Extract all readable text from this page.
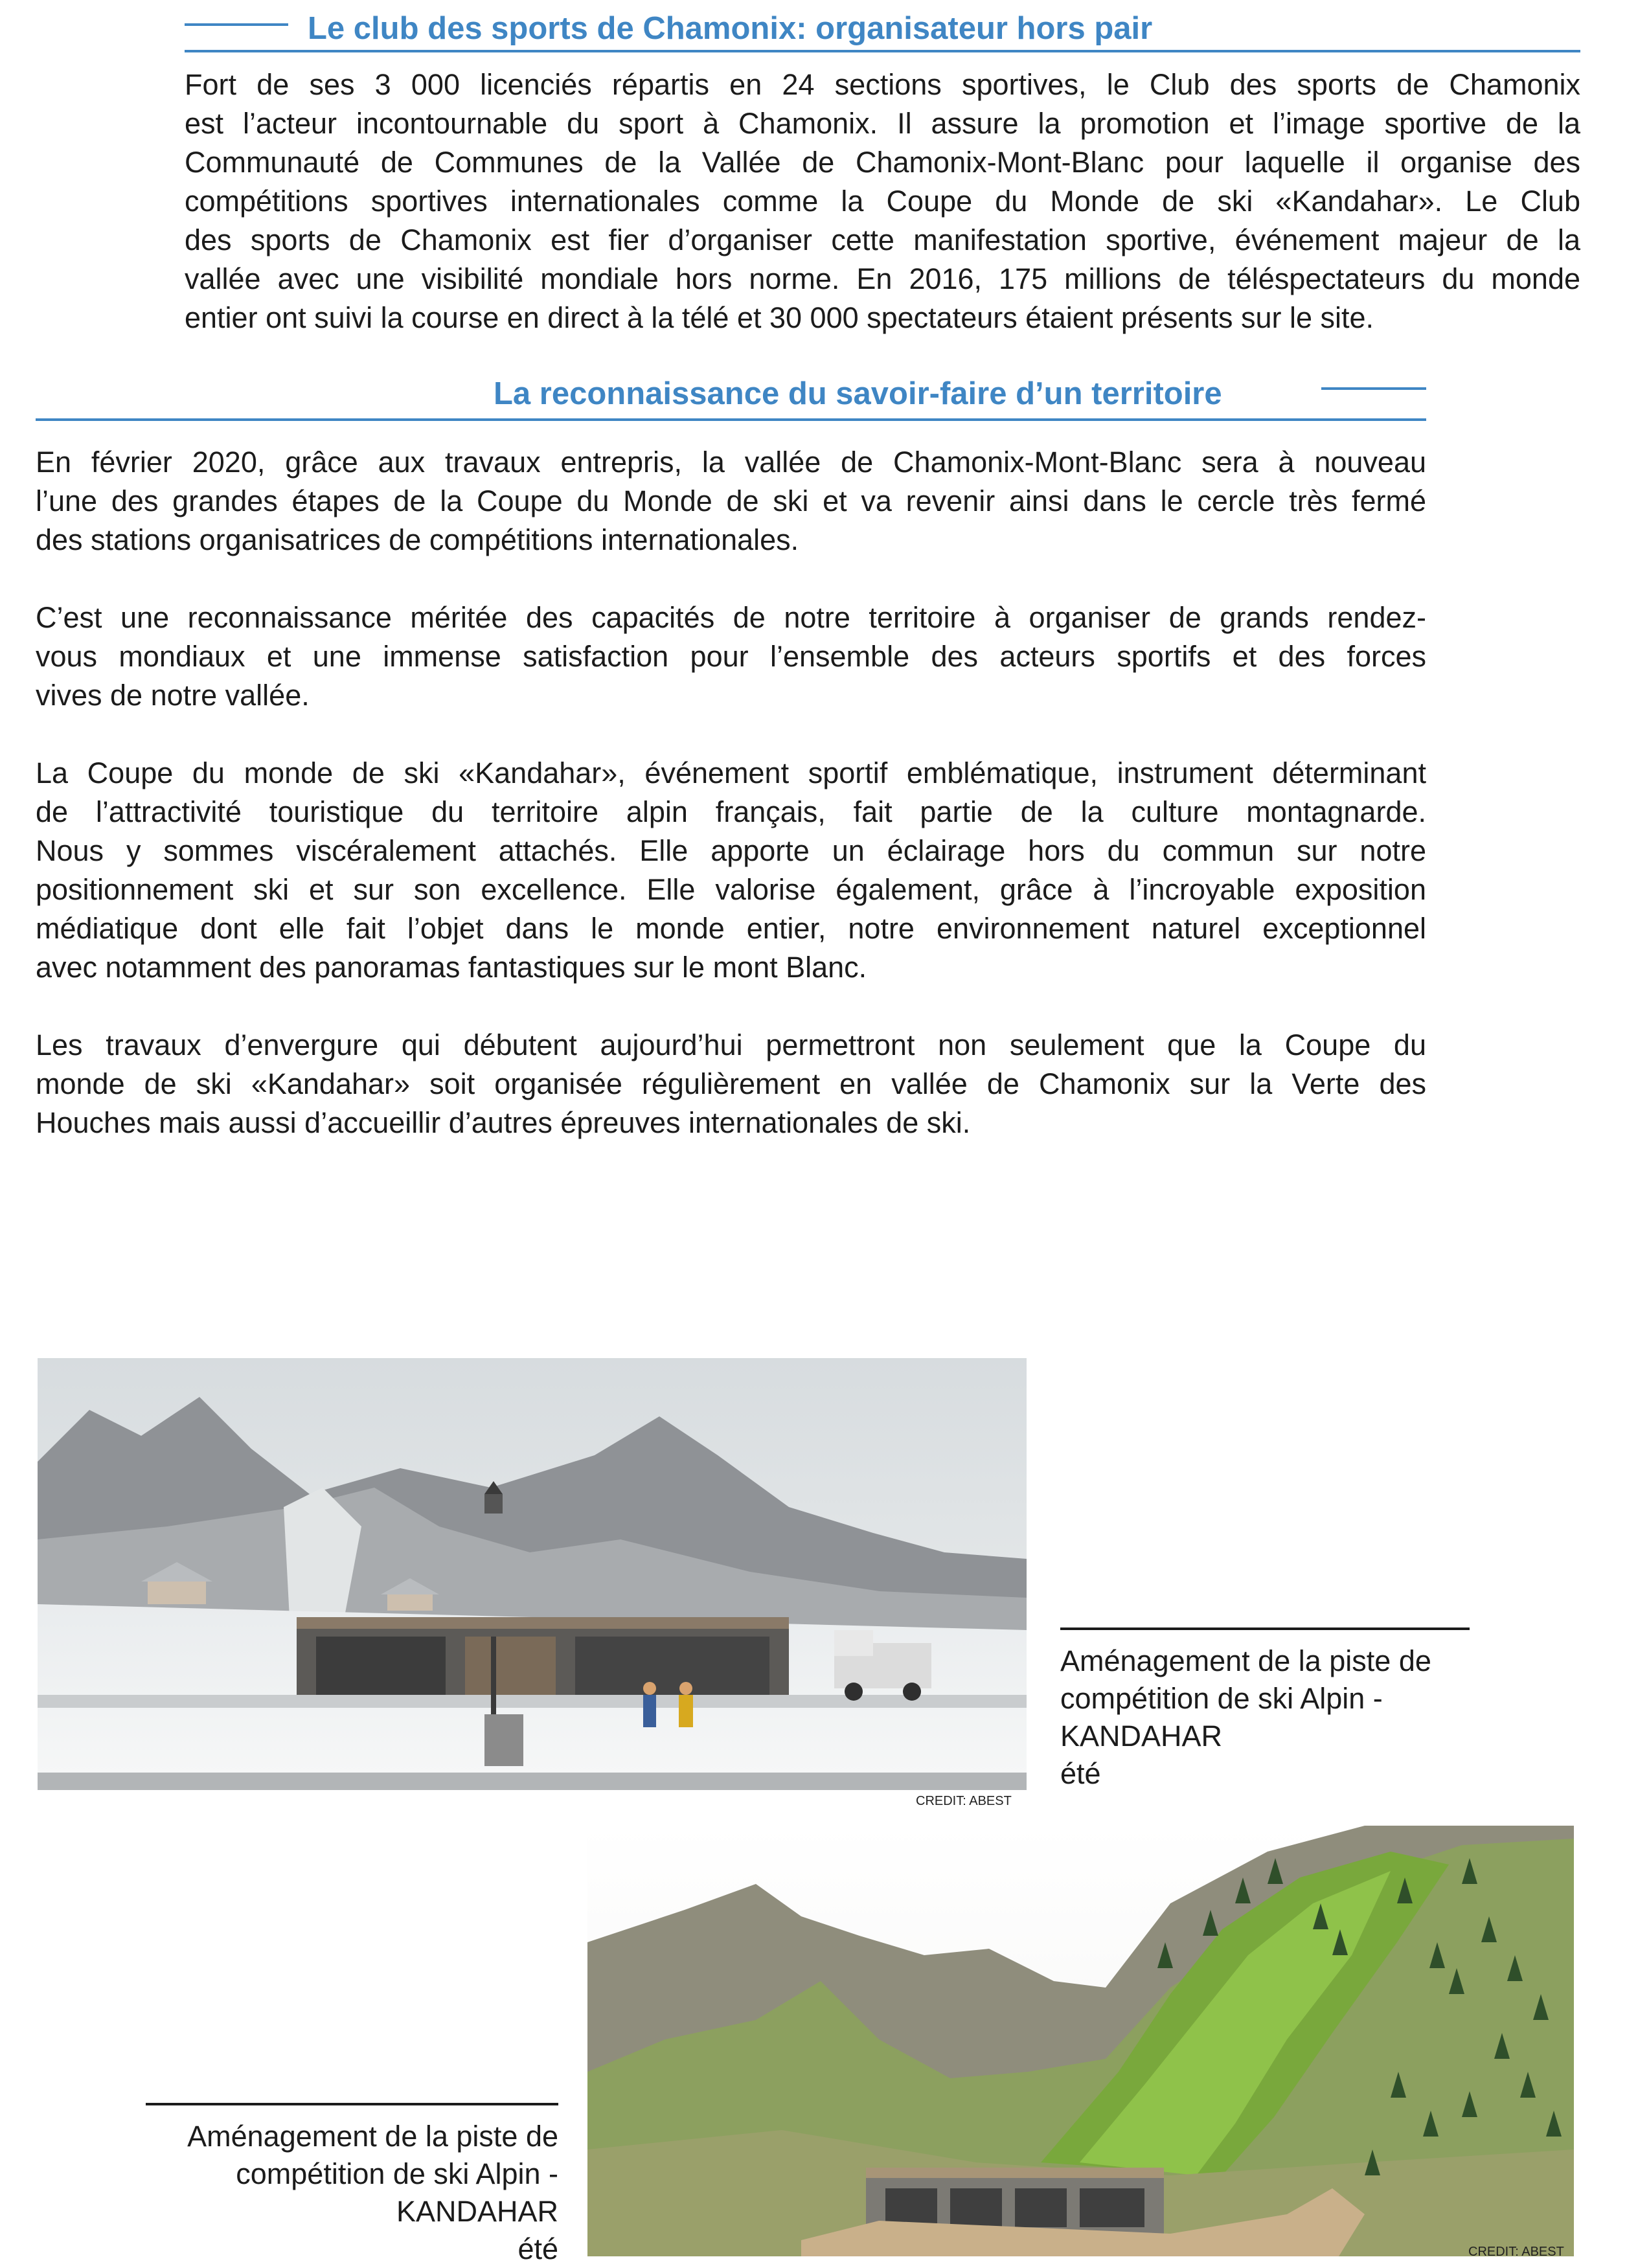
Le club des sports de Chamonix: organisateur hors pair
Fort de ses 3 000 licenciés répartis en 24 sections sportives, le Club des sports de Chamonix
est l’acteur incontournable du sport à Chamonix. Il assure la promotion et l’image sportive de la
Communauté de Communes de la Vallée de Chamonix-Mont-Blanc pour laquelle il organise des
compétitions sportives internationales comme la Coupe du Monde de ski «Kandahar». Le Club
des sports de Chamonix est fier d’organiser cette manifestation sportive, événement majeur de la
vallée avec une visibilité mondiale hors norme. En 2016, 175 millions de téléspectateurs du monde
entier ont suivi la course en direct à la télé et 30 000 spectateurs étaient présents sur le site.
La reconnaissance du savoir-faire d’un territoire
En février 2020, grâce aux travaux entrepris, la vallée de Chamonix-Mont-Blanc sera à nouveau
l’une des grandes étapes de la Coupe du Monde de ski et va revenir ainsi dans le cercle très fermé
des stations organisatrices de compétitions internationales.
C’est une reconnaissance méritée des capacités de notre territoire à organiser de grands rendez-
vous mondiaux et une immense satisfaction pour l’ensemble des acteurs sportifs et des forces
vives de notre vallée.
La Coupe du monde de ski «Kandahar», événement sportif emblématique, instrument déterminant
de l’attractivité touristique du territoire alpin français, fait partie de la culture montagnarde.
Nous y sommes viscéralement attachés. Elle apporte un éclairage hors du commun sur notre
positionnement ski et sur son excellence. Elle valorise également, grâce à l’incroyable exposition
médiatique dont elle fait l’objet dans le monde entier, notre environnement naturel exceptionnel
avec notamment des panoramas fantastiques sur le mont Blanc.
Les travaux d’envergure qui débutent aujourd’hui permettront non seulement que la Coupe du
monde de ski «Kandahar» soit organisée régulièrement en vallée de Chamonix sur la Verte des
Houches mais aussi d’accueillir d’autres épreuves internationales de ski.
CREDIT: ABEST
Aménagement de la piste de
compétition de ski Alpin -
KANDAHAR
été
CREDIT: ABEST
Aménagement de la piste de
compétition de ski Alpin -
KANDAHAR
été
